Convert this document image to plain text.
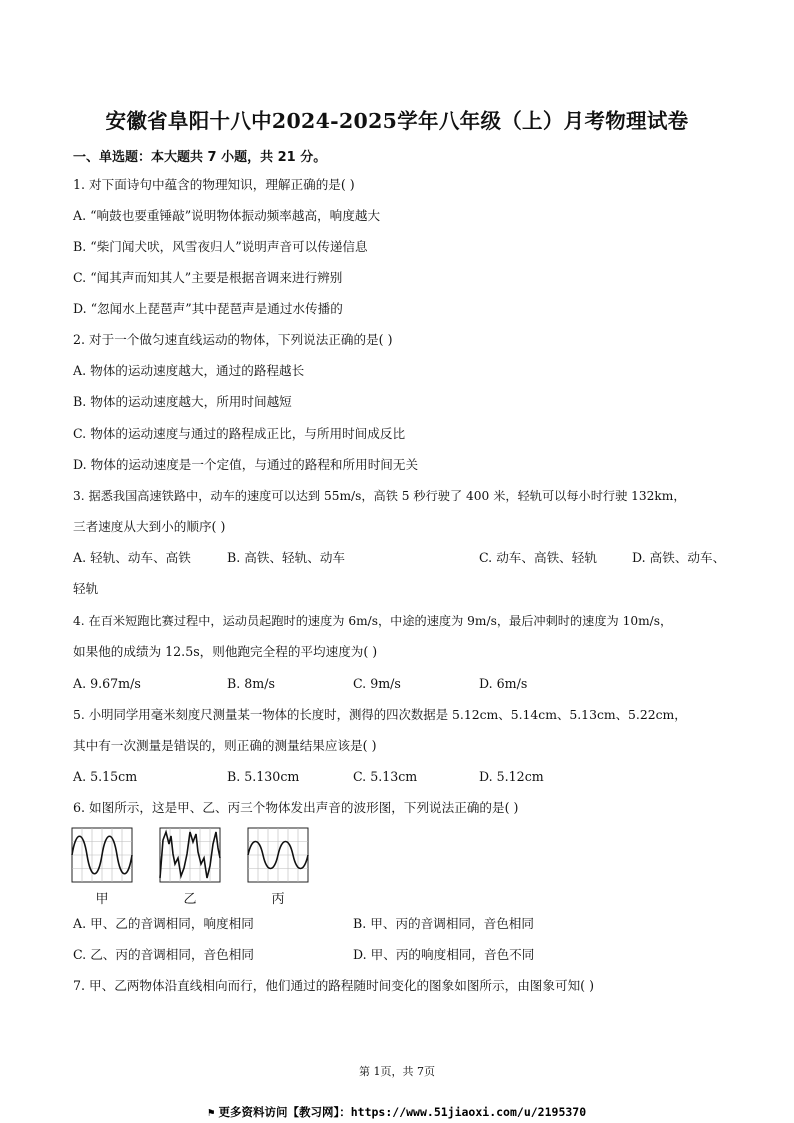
安徽省阜阳十八中2024-2025学年八年级（上）月考物理试卷
一、单选题：本大题共 7 小题，共 21 分。
1. 对下面诗句中蕴含的物理知识，理解正确的是( )
A. “响鼓也要重锤敲”说明物体振动频率越高，响度越大
B. “柴门闻犬吠，风雪夜归人”说明声音可以传递信息
C. “闻其声而知其人”主要是根据音调来进行辨别
D. “忽闻水上琵琶声”其中琵琶声是通过水传播的
2. 对于一个做匀速直线运动的物体，下列说法正确的是( )
A. 物体的运动速度越大，通过的路程越长
B. 物体的运动速度越大，所用时间越短
C. 物体的运动速度与通过的路程成正比，与所用时间成反比
D. 物体的运动速度是一个定值，与通过的路程和所用时间无关
3. 据悉我国高速铁路中，动车的速度可以达到 55m/s，高铁 5 秒行驶了 400 米，轻轨可以每小时行驶 132km，
三者速度从大到小的顺序( )
A. 轻轨、动车、高铁	B. 高铁、轻轨、动车	C. 动车、高铁、轻轨	D. 高铁、动车、
轻轨
4. 在百米短跑比赛过程中，运动员起跑时的速度为 6m/s，中途的速度为 9m/s，最后冲刺时的速度为 10m/s，
如果他的成绩为 12.5s，则他跑完全程的平均速度为( )
A. 9.67m/s	B. 8m/s	C. 9m/s	D. 6m/s
5. 小明同学用毫米刻度尺测量某一物体的长度时，测得的四次数据是 5.12cm、5.14cm、5.13cm、5.22cm，
其中有一次测量是错误的，则正确的测量结果应该是( )
A. 5.15cm	B. 5.130cm	C. 5.13cm	D. 5.12cm
6. 如图所示，这是甲、乙、丙三个物体发出声音的波形图，下列说法正确的是( )
甲	乙	丙
A. 甲、乙的音调相同，响度相同	B. 甲、丙的音调相同，音色相同
C. 乙、丙的音调相同，音色相同	D. 甲、丙的响度相同，音色不同
7. 甲、乙两物体沿直线相向而行，他们通过的路程随时间变化的图象如图所示，由图象可知( )
第 1页，共 7页
⚑ 更多资料访问【教习网】：https://www.51jiaoxi.com/u/2195370
